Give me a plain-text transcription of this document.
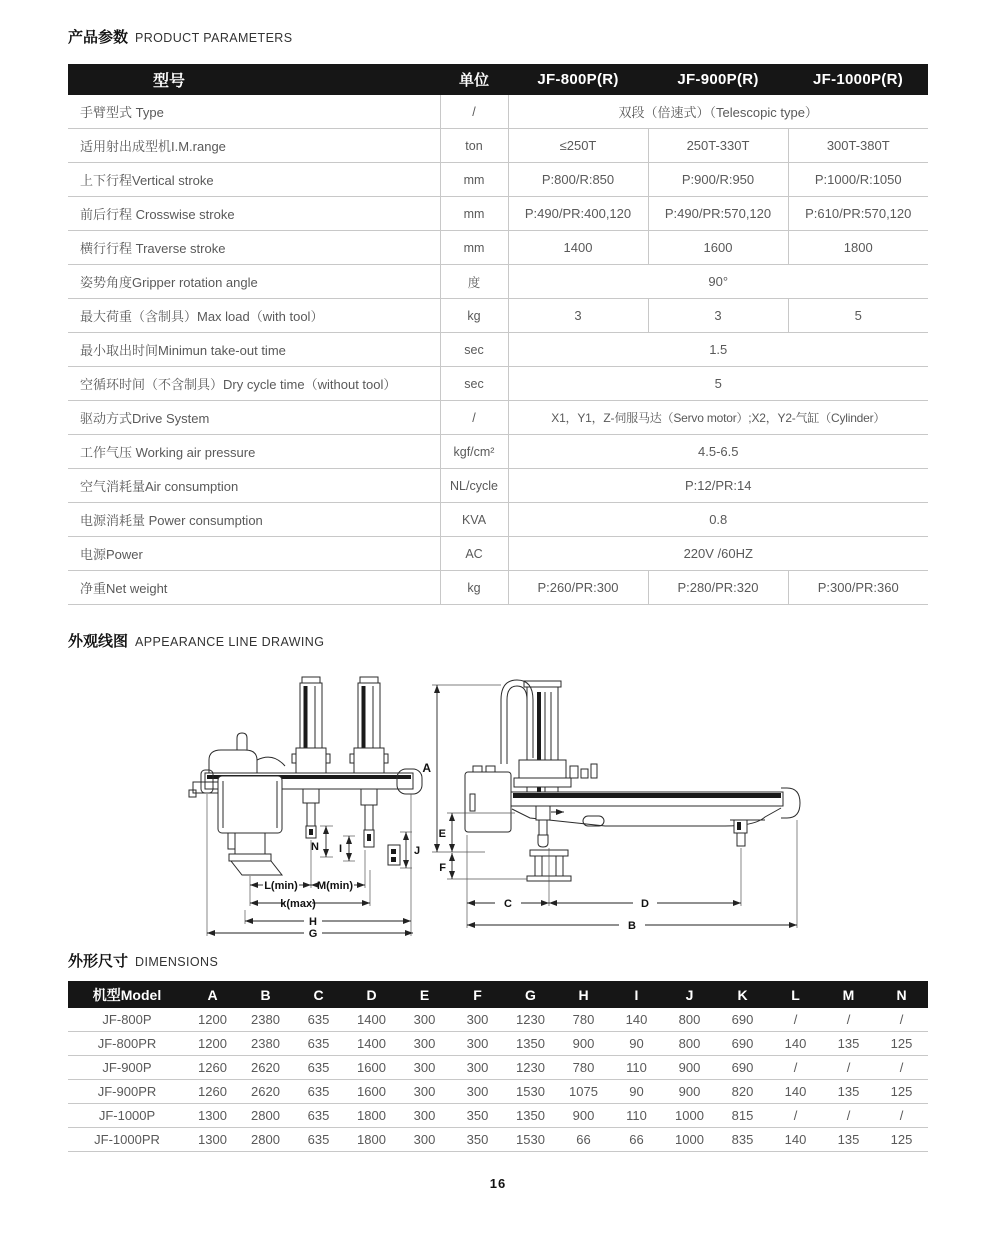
产品参数 PRODUCT PARAMETERS
型号	单位	JF-800P(R)	JF-900P(R)	JF-1000P(R)
手臂型式 Type	/	双段（倍速式）（Telescopic type）		
适用射出成型机I.M.range	ton	≤250T	250T-330T	300T-380T
上下行程Vertical stroke	mm	P:800/R:850	P:900/R:950	P:1000/R:1050
前后行程 Crosswise stroke	mm	P:490/PR:400,120	P:490/PR:570,120	P:610/PR:570,120
横行行程 Traverse stroke	mm	1400	1600	1800
姿势角度Gripper rotation angle	度	90°		
最大荷重（含制具）Max load（with tool）	kg	3	3	5
最小取出时间Minimun take-out time	sec	1.5		
空循环时间（不含制具）Dry cycle time（without tool）	sec	5		
驱动方式Drive System	/	X1，Y1，Z-伺服马达（Servo motor）;X2，Y2-气缸（Cylinder）		
工作气压 Working air pressure	kgf/cm²	4.5-6.5		
空气消耗量Air consumption	NL/cycle	P:12/PR:14		
电源消耗量 Power consumption	KVA	0.8		
电源Power	AC	220V /60HZ		
净重Net weight	kg	P:260/PR:300	P:280/PR:320	P:300/PR:360
外观线图 APPEARANCE LINE DRAWING
N I	J
L(min) M(min)
k(max)
H
G
A
E
F
C	D
B
外形尺寸 DIMENSIONS
机型Model	A	B	C	D	E	F	G	H	I	J	K	L	M	N
JF-800P	1200	2380	635	1400	300	300	1230	780	140	800	690	/	/	/
JF-800PR	1200	2380	635	1400	300	300	1350	900	90	800	690	140	135	125
JF-900P	1260	2620	635	1600	300	300	1230	780	110	900	690	/	/	/
JF-900PR	1260	2620	635	1600	300	300	1530	1075	90	900	820	140	135	125
JF-1000P	1300	2800	635	1800	300	350	1350	900	110	1000	815	/	/	/
JF-1000PR	1300	2800	635	1800	300	350	1530	66	66	1000	835	140	135	125
16
